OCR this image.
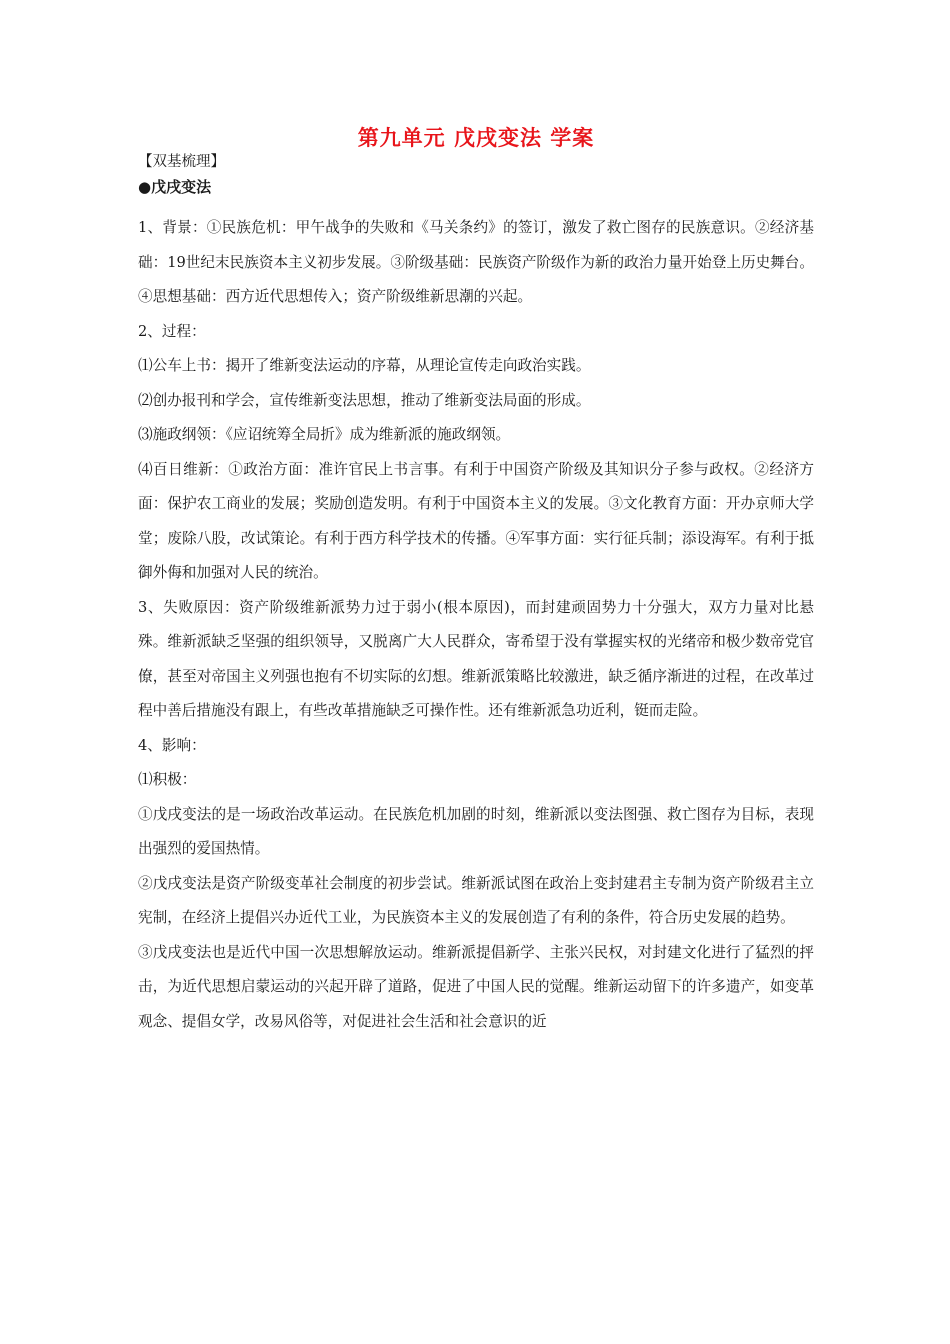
第九单元 戊戌变法 学案
【双基梳理】
●戊戌变法

1、背景：①民族危机：甲午战争的失败和《马关条约》的签订，激发了救亡图存的民族意识。②经济基础：19世纪末民族资本主义初步发展。③阶级基础：民族资产阶级作为新的政治力量开始登上历史舞台。④思想基础：西方近代思想传入；资产阶级维新思潮的兴起。

2、过程：

⑴公车上书：揭开了维新变法运动的序幕，从理论宣传走向政治实践。

⑵创办报刊和学会，宣传维新变法思想，推动了维新变法局面的形成。

⑶施政纲领：《应诏统筹全局折》成为维新派的施政纲领。

⑷百日维新：①政治方面：准许官民上书言事。有利于中国资产阶级及其知识分子参与政权。②经济方面：保护农工商业的发展；奖励创造发明。有利于中国资本主义的发展。③文化教育方面：开办京师大学堂；废除八股，改试策论。有利于西方科学技术的传播。④军事方面：实行征兵制；添设海军。有利于抵御外侮和加强对人民的统治。

3、失败原因：资产阶级维新派势力过于弱小(根本原因)，而封建顽固势力十分强大，双方力量对比悬殊。维新派缺乏坚强的组织领导，又脱离广大人民群众，寄希望于没有掌握实权的光绪帝和极少数帝党官僚，甚至对帝国主义列强也抱有不切实际的幻想。维新派策略比较激进，缺乏循序渐进的过程，在改革过程中善后措施没有跟上，有些改革措施缺乏可操作性。还有维新派急功近利，铤而走险。

4、影响：

⑴积极：

①戊戌变法的是一场政治改革运动。在民族危机加剧的时刻，维新派以变法图强、救亡图存为目标，表现出强烈的爱国热情。

②戊戌变法是资产阶级变革社会制度的初步尝试。维新派试图在政治上变封建君主专制为资产阶级君主立宪制，在经济上提倡兴办近代工业，为民族资本主义的发展创造了有利的条件，符合历史发展的趋势。

③戊戌变法也是近代中国一次思想解放运动。维新派提倡新学、主张兴民权，对封建文化进行了猛烈的抨击，为近代思想启蒙运动的兴起开辟了道路，促进了中国人民的觉醒。维新运动留下的许多遗产，如变革观念、提倡女学，改易风俗等，对促进社会生活和社会意识的近
